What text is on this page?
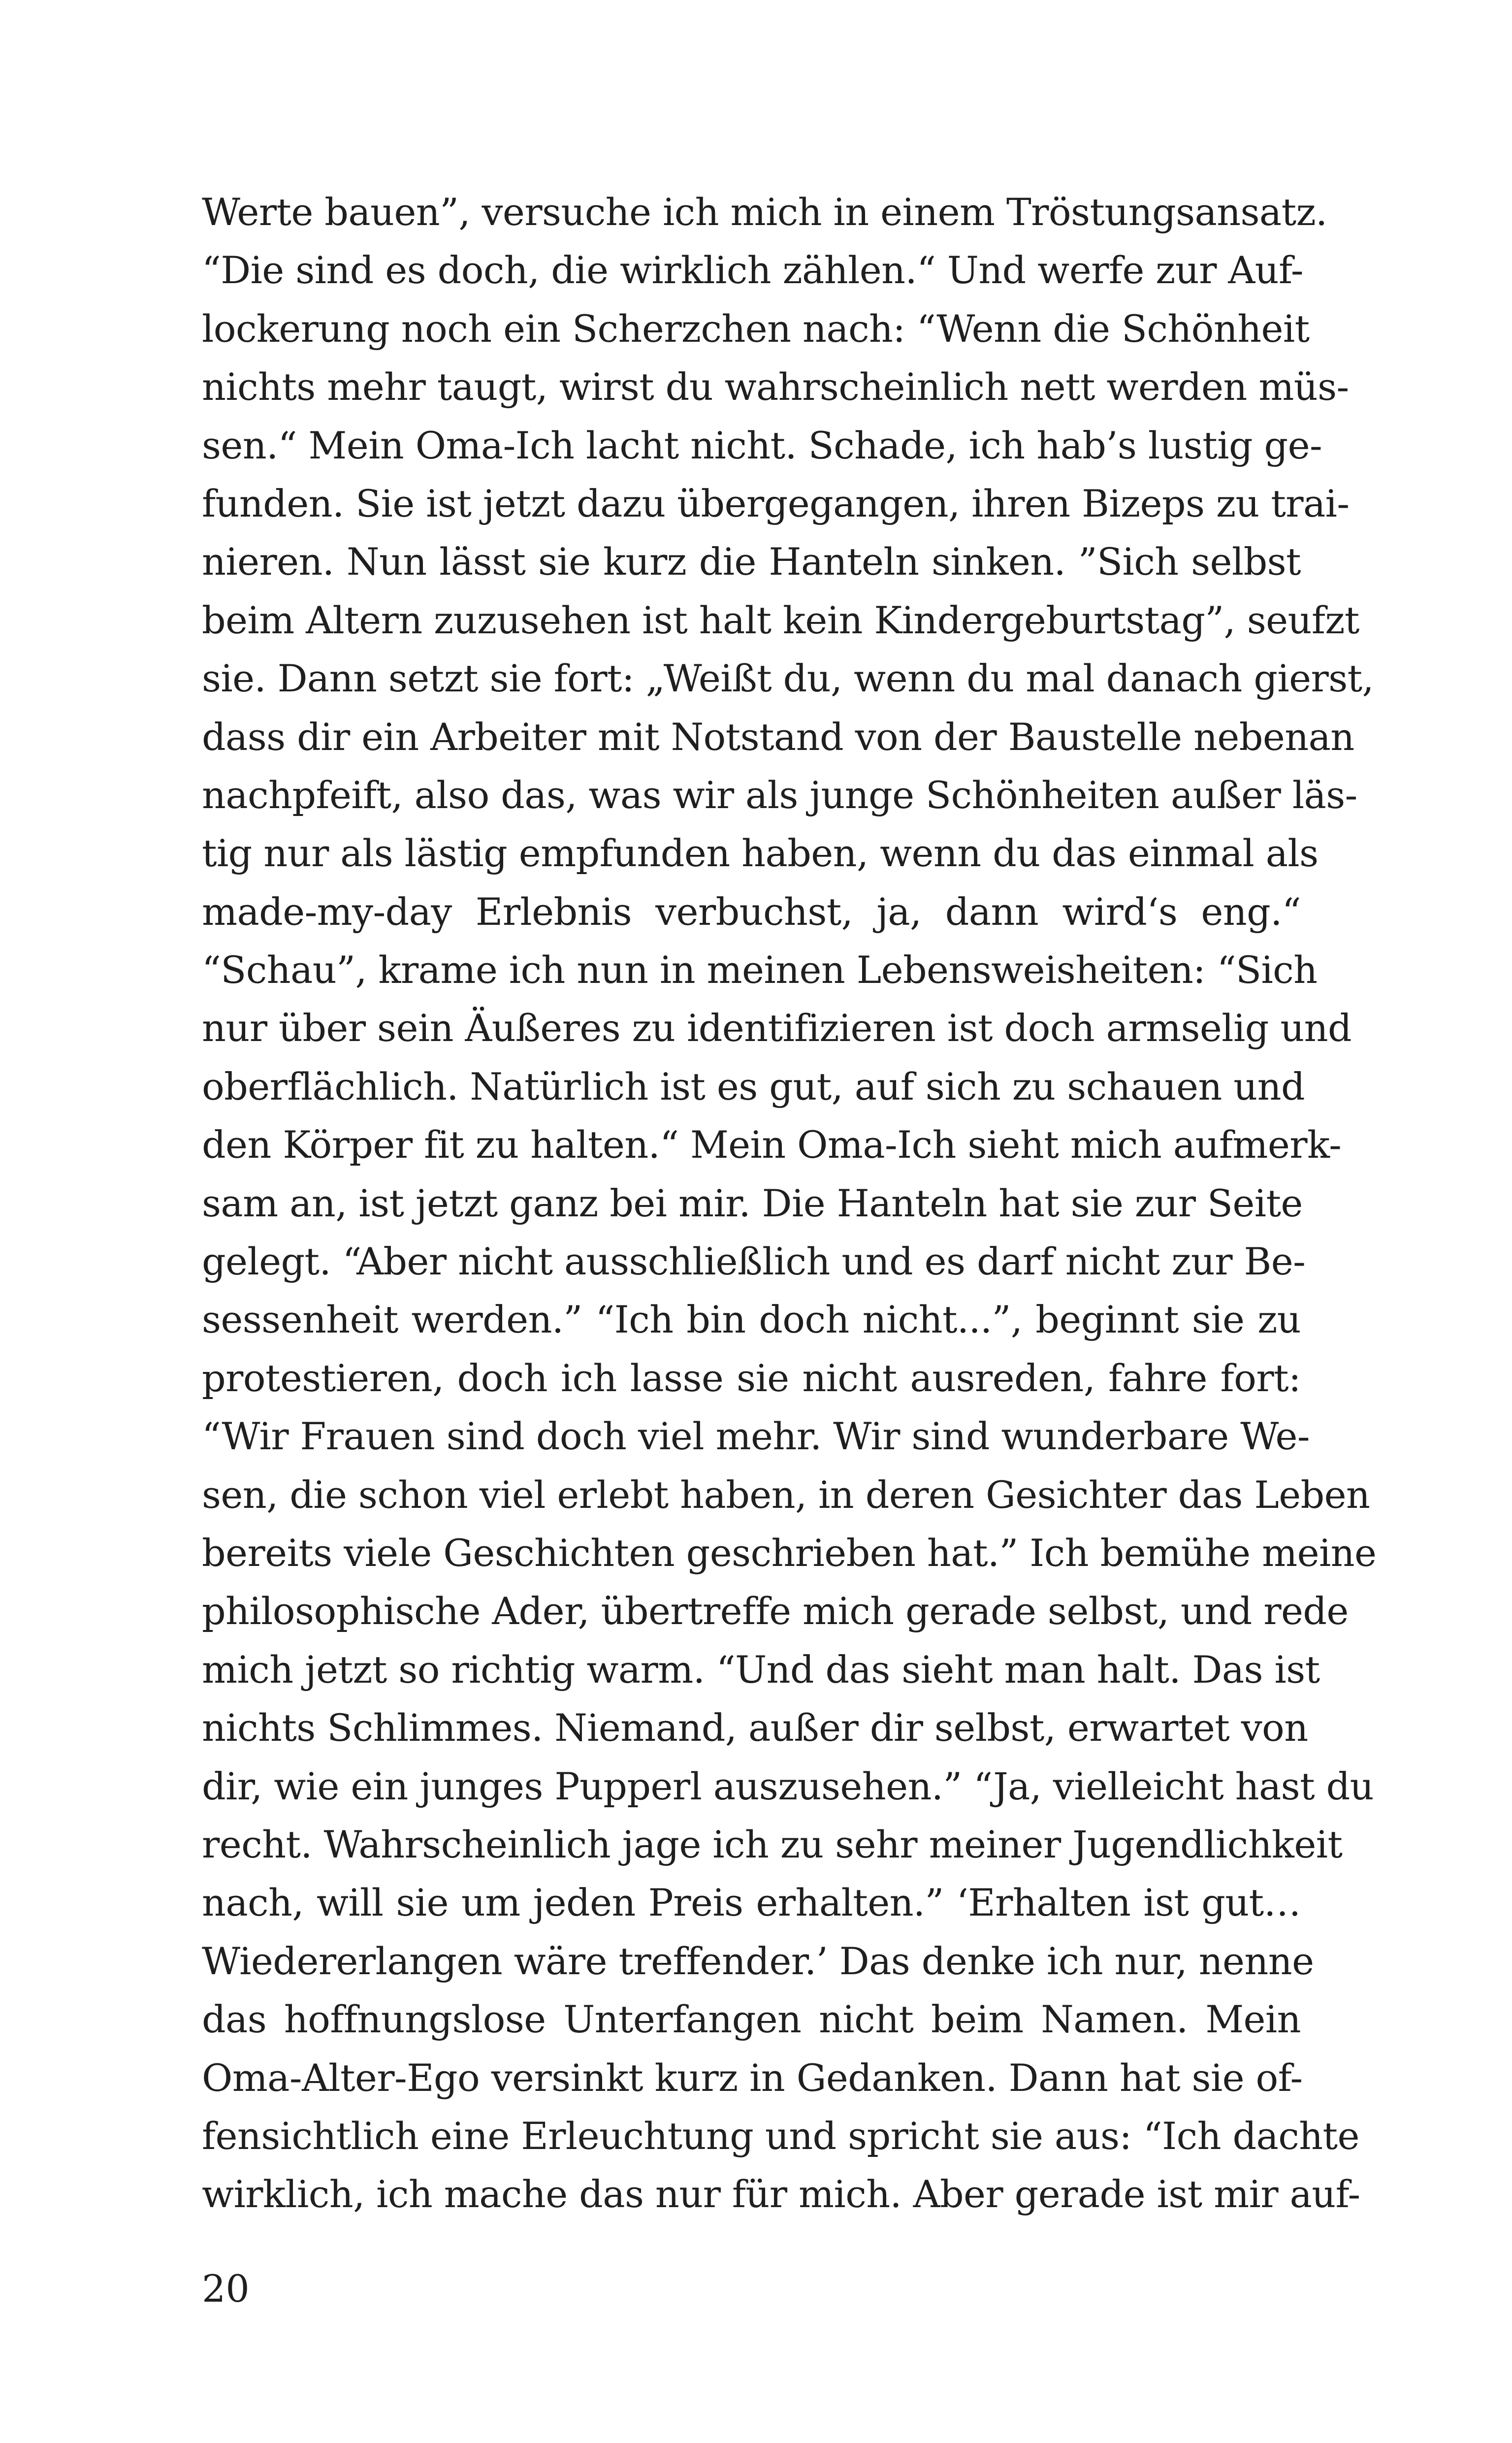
Werte bauen”, versuche ich mich in einem Tröstungsansatz.
“Die sind es doch, die wirklich zählen.“ Und werfe zur Auf-
lockerung noch ein Scherzchen nach: “Wenn die Schönheit
nichts mehr taugt, wirst du wahrscheinlich nett werden müs-
sen.“ Mein Oma-Ich lacht nicht. Schade, ich hab’s lustig ge-
funden. Sie ist jetzt dazu übergegangen, ihren Bizeps zu trai-
nieren. Nun lässt sie kurz die Hanteln sinken. ”Sich selbst
beim Altern zuzusehen ist halt kein Kindergeburtstag”, seufzt
sie. Dann setzt sie fort: „Weißt du, wenn du mal danach gierst,
dass dir ein Arbeiter mit Notstand von der Baustelle nebenan
nachpfeift, also das, was wir als junge Schönheiten außer läs-
tig nur als lästig empfunden haben, wenn du das einmal als
made-my-day Erlebnis verbuchst, ja, dann wird‘s eng.“
“Schau”, krame ich nun in meinen Lebensweisheiten: “Sich
nur über sein Äußeres zu identifizieren ist doch armselig und
oberflächlich. Natürlich ist es gut, auf sich zu schauen und
den Körper fit zu halten.“ Mein Oma-Ich sieht mich aufmerk-
sam an, ist jetzt ganz bei mir. Die Hanteln hat sie zur Seite
gelegt. “Aber nicht ausschließlich und es darf nicht zur Be-
sessenheit werden.” “Ich bin doch nicht...”, beginnt sie zu
protestieren, doch ich lasse sie nicht ausreden, fahre fort:
“Wir Frauen sind doch viel mehr. Wir sind wunderbare We-
sen, die schon viel erlebt haben, in deren Gesichter das Leben
bereits viele Geschichten geschrieben hat.” Ich bemühe meine
philosophische Ader, übertreffe mich gerade selbst, und rede
mich jetzt so richtig warm. “Und das sieht man halt. Das ist
nichts Schlimmes. Niemand, außer dir selbst, erwartet von
dir, wie ein junges Pupperl auszusehen.” “Ja, vielleicht hast du
recht. Wahrscheinlich jage ich zu sehr meiner Jugendlichkeit
nach, will sie um jeden Preis erhalten.” ‘Erhalten ist gut…
Wiedererlangen wäre treffender.’ Das denke ich nur, nenne
das hoffnungslose Unterfangen nicht beim Namen. Mein
Oma-Alter-Ego versinkt kurz in Gedanken. Dann hat sie of-
fensichtlich eine Erleuchtung und spricht sie aus: “Ich dachte
wirklich, ich mache das nur für mich. Aber gerade ist mir auf-
20
